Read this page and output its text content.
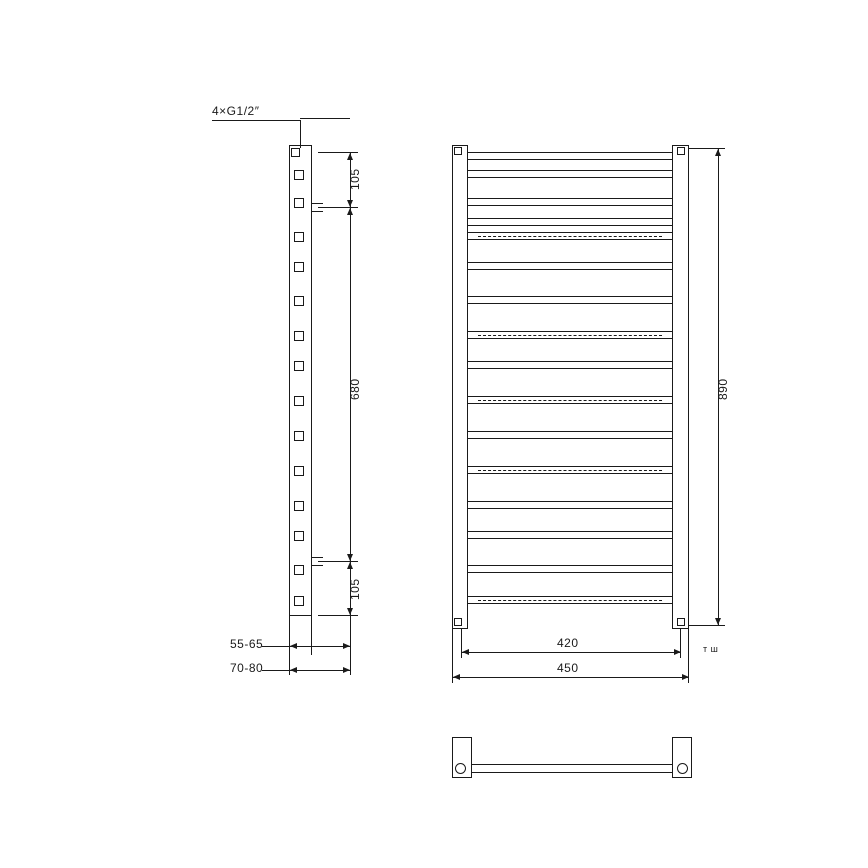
4×G1/2″
105
680
105
55-65
70-80
890
420
450
т ш
